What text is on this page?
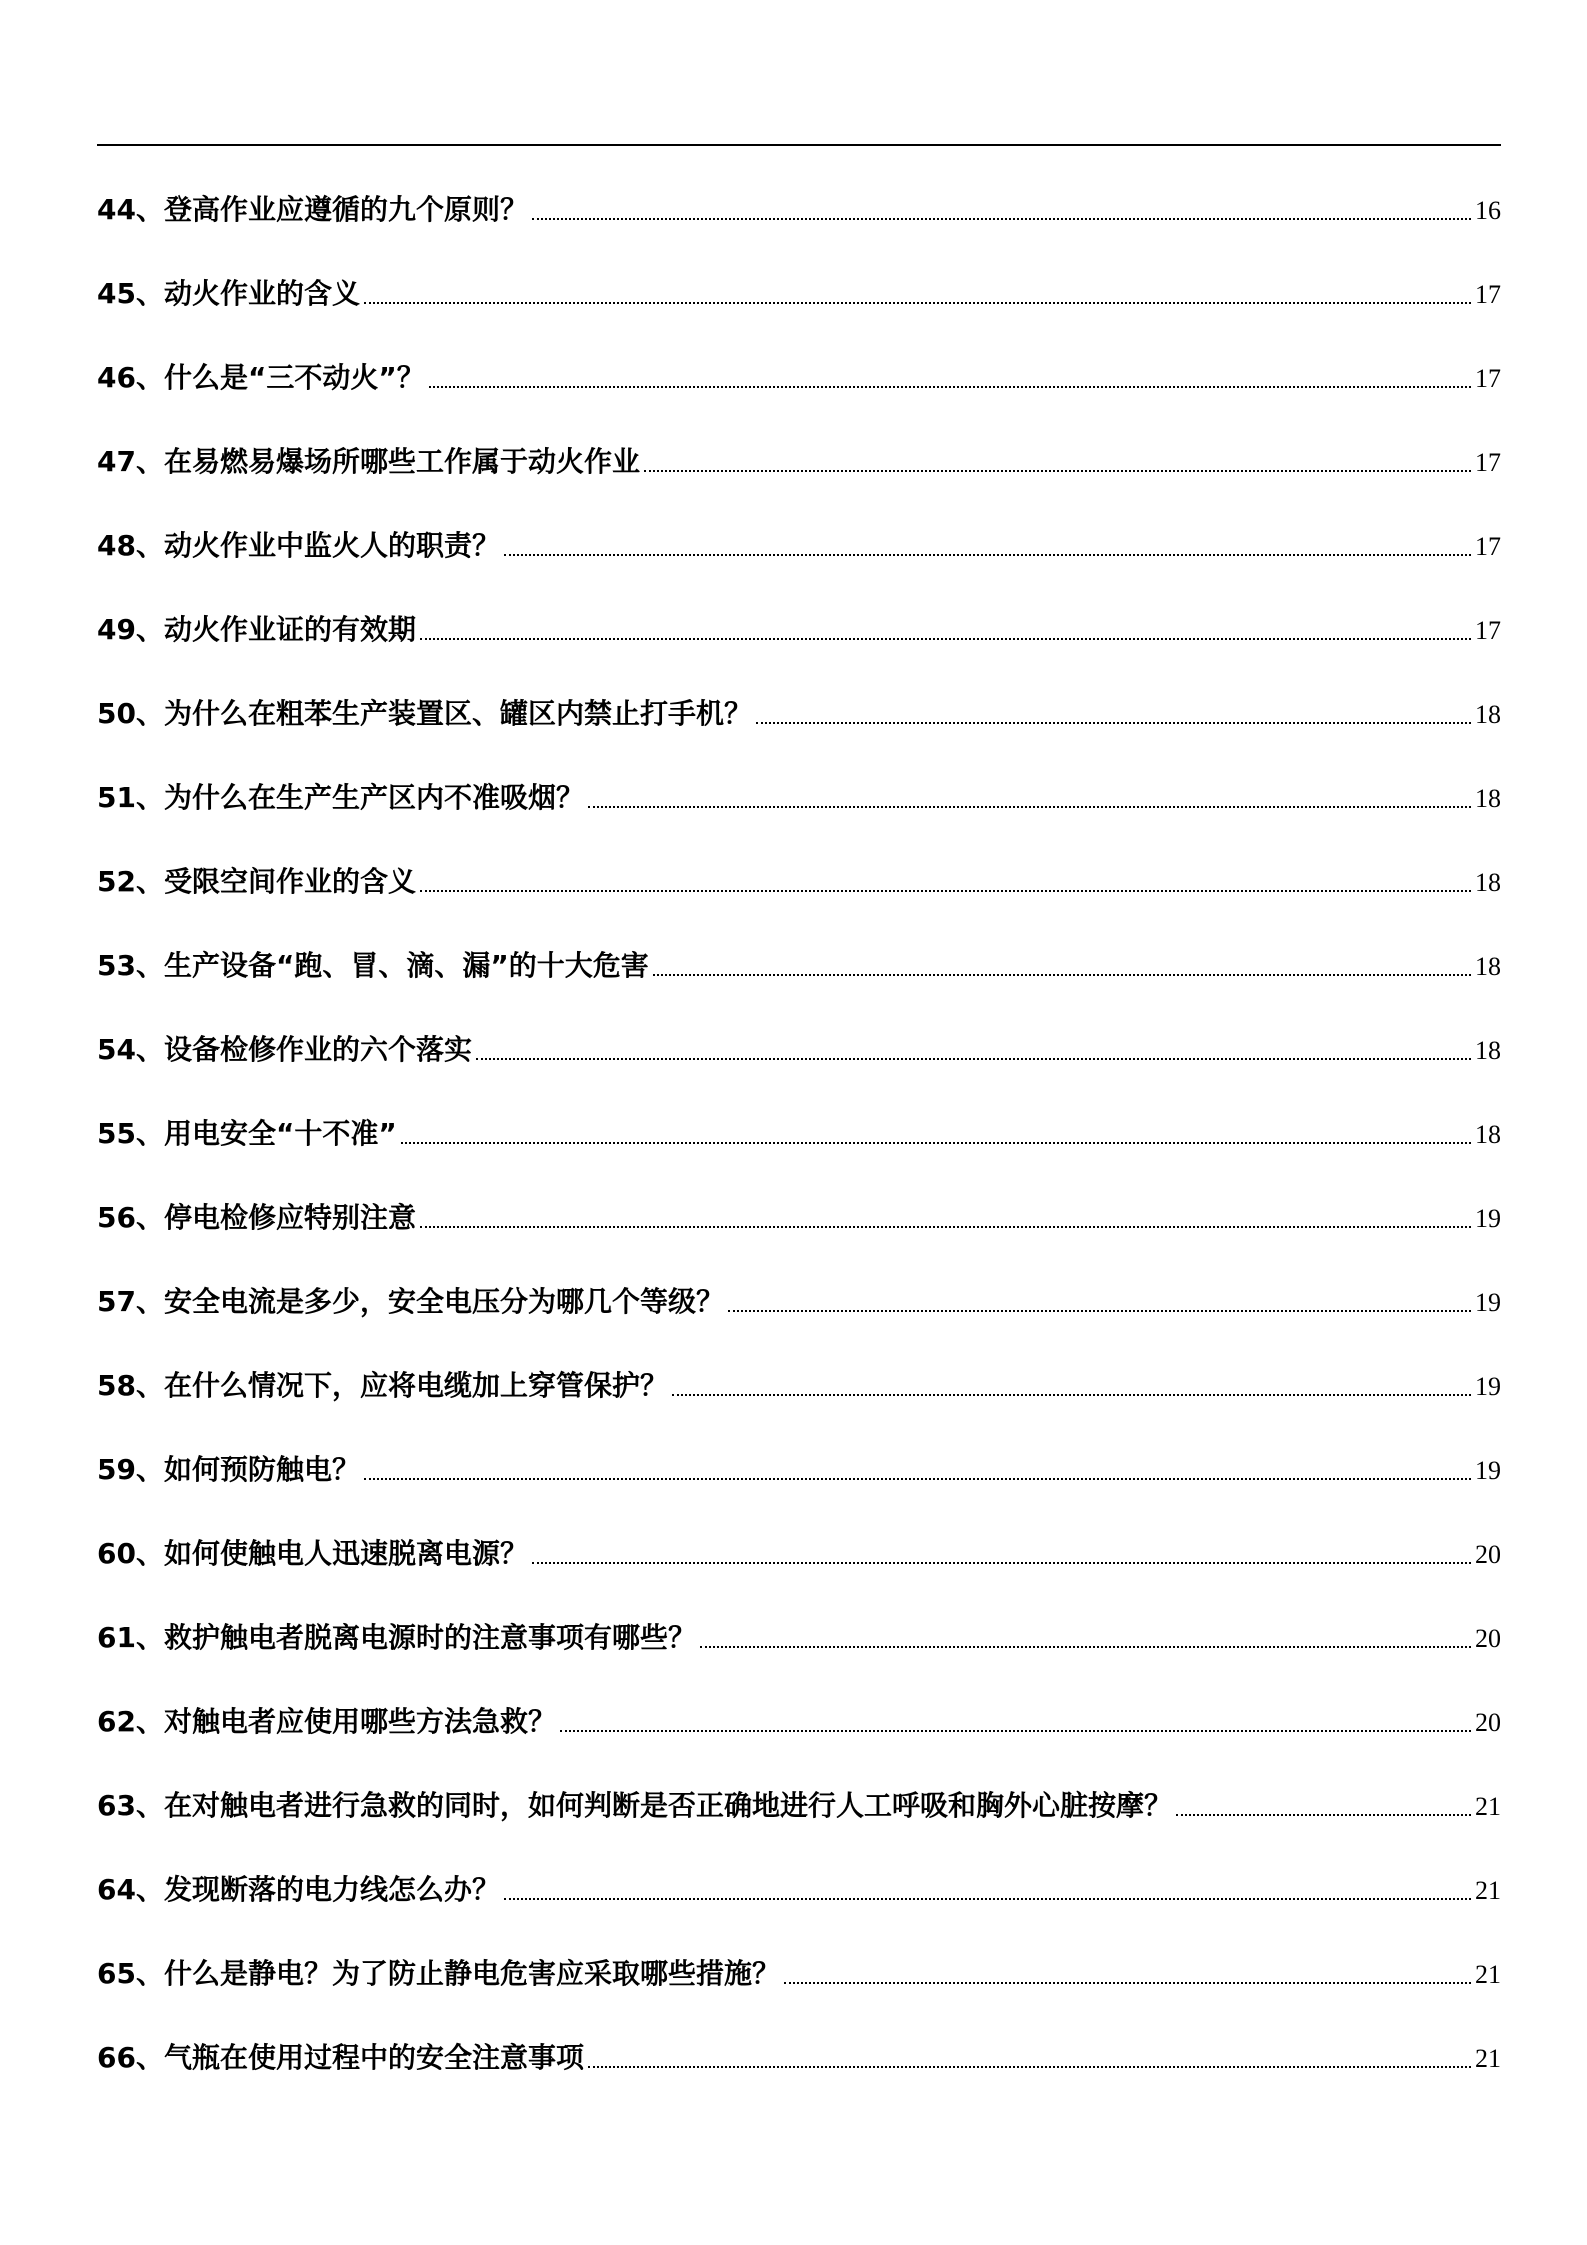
44、登高作业应遵循的九个原则？	16
45、动火作业的含义	17
46、什么是“三不动火”？	17
47、在易燃易爆场所哪些工作属于动火作业	17
48、动火作业中监火人的职责？	17
49、动火作业证的有效期	17
50、为什么在粗苯生产装置区、罐区内禁止打手机？	18
51、为什么在生产生产区内不准吸烟？	18
52、受限空间作业的含义	18
53、生产设备“跑、冒、滴、漏”的十大危害	18
54、设备检修作业的六个落实	18
55、用电安全“十不准”	18
56、停电检修应特别注意	19
57、安全电流是多少，安全电压分为哪几个等级？	19
58、在什么情况下，应将电缆加上穿管保护？	19
59、如何预防触电？	19
60、如何使触电人迅速脱离电源？	20
61、救护触电者脱离电源时的注意事项有哪些？	20
62、对触电者应使用哪些方法急救？	20
63、在对触电者进行急救的同时，如何判断是否正确地进行人工呼吸和胸外心脏按摩？	21
64、发现断落的电力线怎么办？	21
65、什么是静电？为了防止静电危害应采取哪些措施？	21
66、气瓶在使用过程中的安全注意事项	21
